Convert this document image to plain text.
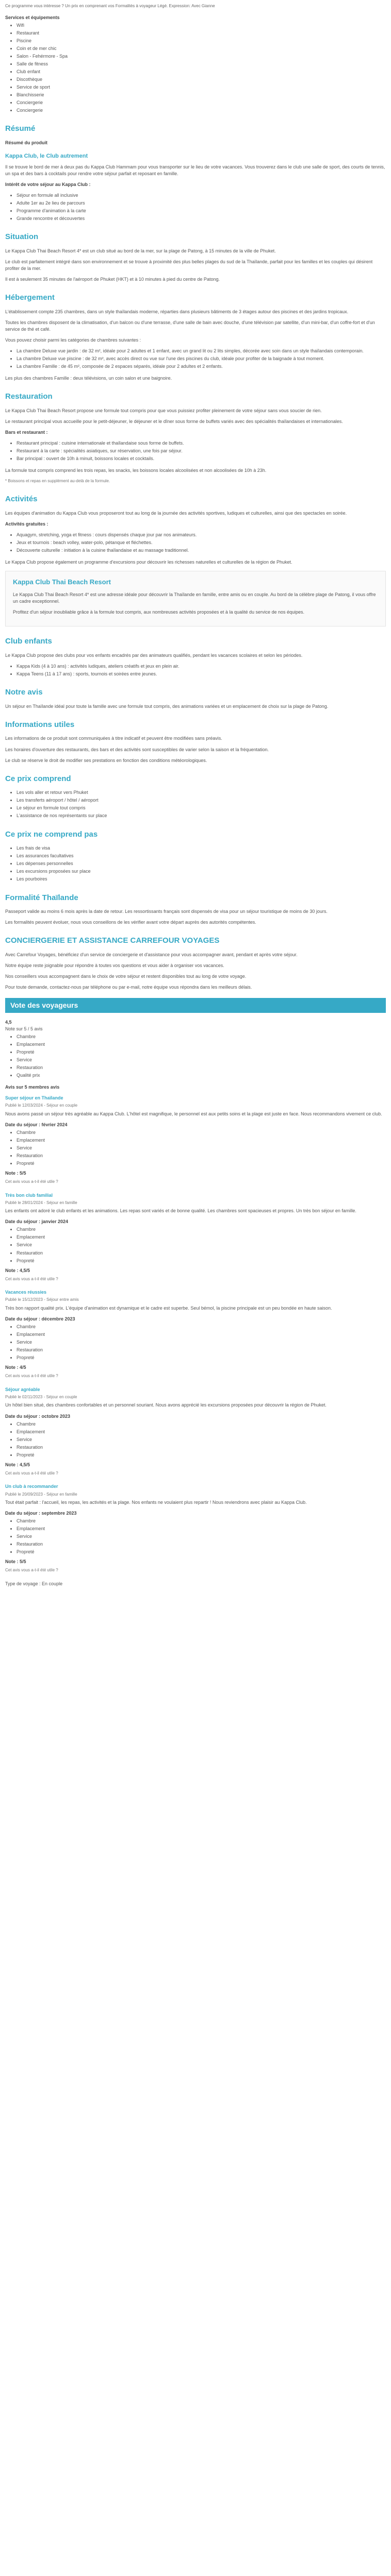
Ce programme vous intéresse ? Un prix en comprenant vos Formalités à voyageur Légé. Expression: Avec Gianne
Services et équipements
• Wifi
• Restaurant
• Piscine
• Coin et de mer chic
• Salon - Fehérmore - Spa
• Salle de fitness
• Club enfant
• Discothèque
• Service de sport
• Blanchisserie
• Conciergerie
• Conciergerie
Résumé

Résumé du produit

Kappa Club, le Club autrement

Il se trouve le bord de mer à deux pas du Kappa Club Hammam pour vous transporter sur le lieu de votre vacances. Vous trouverez dans le club une salle de sport, des courts de tennis, un spa et des bars à cocktails pour rendre votre séjour parfait et reposant en famille.

Intérêt de votre séjour au Kappa Club :

• Séjour en formule all inclusive
• Adulte 1er au 2e lieu de parcours
• Programme d'animation à la carte
• Grande rencontre et découvertes
Situation

Le Kappa Club Thai Beach Resort 4* est un club situé au bord de la mer, sur la plage de Patong, à 15 minutes de la ville de Phuket.

Le club est parfaitement intégré dans son environnement et se trouve à proximité des plus belles plages du sud de la Thaïlande, parfait pour les familles et les couples qui désirent profiter de la mer.

Il est à seulement 35 minutes de l'aéroport de Phuket (HKT) et à 10 minutes à pied du centre de Patong.

Hébergement

L'établissement compte 235 chambres, dans un style thaïlandais moderne, réparties dans plusieurs bâtiments de 3 étages autour des piscines et des jardins tropicaux.

Toutes les chambres disposent de la climatisation, d'un balcon ou d'une terrasse, d'une salle de bain avec douche, d'une télévision par satellite, d'un mini-bar, d'un coffre-fort et d'un service de thé et café.

Vous pouvez choisir parmi les catégories de chambres suivantes :

• La chambre Deluxe vue jardin : de 32 m², idéale pour 2 adultes et 1 enfant, avec un grand lit ou 2 lits simples, décorée avec soin dans un style thaïlandais contemporain.
• La chambre Deluxe vue piscine : de 32 m², avec accès direct ou vue sur l'une des piscines du club, idéale pour profiter de la baignade à tout moment.
• La chambre Famille : de 45 m², composée de 2 espaces séparés, idéale pour 2 adultes et 2 enfants.

Les plus des chambres Famille : deux télévisions, un coin salon et une baignoire.

Restauration

Le Kappa Club Thai Beach Resort propose une formule tout compris pour que vous puissiez profiter pleinement de votre séjour sans vous soucier de rien.

Le restaurant principal vous accueille pour le petit-déjeuner, le déjeuner et le dîner sous forme de buffets variés avec des spécialités thaïlandaises et internationales.

Bars et restaurant :

• Restaurant principal : cuisine internationale et thaïlandaise sous forme de buffets.
• Restaurant à la carte : spécialités asiatiques, sur réservation, une fois par séjour.
• Bar principal : ouvert de 10h à minuit, boissons locales et cocktails.

La formule tout compris comprend les trois repas, les snacks, les boissons locales alcoolisées et non alcoolisées de 10h à 23h.

* Boissons et repas en supplément au-delà de la formule.
Activités

Les équipes d'animation du Kappa Club vous proposeront tout au long de la journée des activités sportives, ludiques et culturelles, ainsi que des spectacles en soirée.

Activités gratuites :

• Aquagym, stretching, yoga et fitness : cours dispensés chaque jour par nos animateurs.
• Jeux et tournois : beach volley, water-polo, pétanque et fléchettes.
• Découverte culturelle : initiation à la cuisine thaïlandaise et au massage traditionnel.

Le Kappa Club propose également un programme d'excursions pour découvrir les richesses naturelles et culturelles de la région de Phuket.

Kappa Club Thai Beach Resort

Le Kappa Club Thai Beach Resort 4* est une adresse idéale pour découvrir la Thaïlande en famille, entre amis ou en couple. Au bord de la célèbre plage de Patong, il vous offre un cadre exceptionnel.

Profitez d'un séjour inoubliable grâce à la formule tout compris, aux nombreuses activités proposées et à la qualité du service de nos équipes.

Club enfants

Le Kappa Club propose des clubs pour vos enfants encadrés par des animateurs qualifiés, pendant les vacances scolaires et selon les périodes.

• Kappa Kids (4 à 10 ans) : activités ludiques, ateliers créatifs et jeux en plein air.
• Kappa Teens (11 à 17 ans) : sports, tournois et soirées entre jeunes.
Notre avis

Un séjour en Thaïlande idéal pour toute la famille avec une formule tout compris, des animations variées et un emplacement de choix sur la plage de Patong.

Informations utiles

Les informations de ce produit sont communiquées à titre indicatif et peuvent être modifiées sans préavis.

Les horaires d'ouverture des restaurants, des bars et des activités sont susceptibles de varier selon la saison et la fréquentation.

Le club se réserve le droit de modifier ses prestations en fonction des conditions météorologiques.

Ce prix comprend
• Les vols aller et retour vers Phuket
• Les transferts aéroport / hôtel / aéroport
• Le séjour en formule tout compris
• L'assistance de nos représentants sur place
Ce prix ne comprend pas
• Les frais de visa
• Les assurances facultatives
• Les dépenses personnelles
• Les excursions proposées sur place
• Les pourboires
Formalité Thaïlande

Passeport valide au moins 6 mois après la date de retour. Les ressortissants français sont dispensés de visa pour un séjour touristique de moins de 30 jours.

Les formalités peuvent évoluer, nous vous conseillons de les vérifier avant votre départ auprès des autorités compétentes.

CONCIERGERIE ET ASSISTANCE CARREFOUR VOYAGES

Avec Carrefour Voyages, bénéficiez d'un service de conciergerie et d'assistance pour vous accompagner avant, pendant et après votre séjour.

Notre équipe reste joignable pour répondre à toutes vos questions et vous aider à organiser vos vacances.

Nos conseillers vous accompagnent dans le choix de votre séjour et restent disponibles tout au long de votre voyage.

Pour toute demande, contactez-nous par téléphone ou par e-mail, notre équipe vous répondra dans les meilleurs délais.

Vote des voyageurs
4,5
Note sur 5 / 5 avis
• Chambre
• Emplacement
• Propreté
• Service
• Restauration
• Qualité prix

Avis sur 5 membres avis

Super séjour en Thaïlande
Publié le 12/03/2024 - Séjour en couple

Nous avons passé un séjour très agréable au Kappa Club. L'hôtel est magnifique, le personnel est aux petits soins et la plage est juste en face. Nous recommandons vivement ce club.

Date du séjour : février 2024
• Chambre
• Emplacement
• Service
• Restauration
• Propreté
Note : 5/5
Cet avis vous a-t-il été utile ?
Très bon club familial
Publié le 28/01/2024 - Séjour en famille

Les enfants ont adoré le club enfants et les animations. Les repas sont variés et de bonne qualité. Les chambres sont spacieuses et propres. Un très bon séjour en famille.

Date du séjour : janvier 2024
• Chambre
• Emplacement
• Service
• Restauration
• Propreté
Note : 4,5/5
Cet avis vous a-t-il été utile ?
Vacances réussies
Publié le 15/12/2023 - Séjour entre amis

Très bon rapport qualité prix. L'équipe d'animation est dynamique et le cadre est superbe. Seul bémol, la piscine principale est un peu bondée en haute saison.

Date du séjour : décembre 2023
• Chambre
• Emplacement
• Service
• Restauration
• Propreté
Note : 4/5
Cet avis vous a-t-il été utile ?
Séjour agréable
Publié le 02/11/2023 - Séjour en couple

Un hôtel bien situé, des chambres confortables et un personnel souriant. Nous avons apprécié les excursions proposées pour découvrir la région de Phuket.

Date du séjour : octobre 2023
• Chambre
• Emplacement
• Service
• Restauration
• Propreté
Note : 4,5/5
Cet avis vous a-t-il été utile ?
Un club à recommander
Publié le 20/09/2023 - Séjour en famille

Tout était parfait : l'accueil, les repas, les activités et la plage. Nos enfants ne voulaient plus repartir ! Nous reviendrons avec plaisir au Kappa Club.

Date du séjour : septembre 2023
• Chambre
• Emplacement
• Service
• Restauration
• Propreté
Note : 5/5
Cet avis vous a-t-il été utile ?

Type de voyage : En couple
